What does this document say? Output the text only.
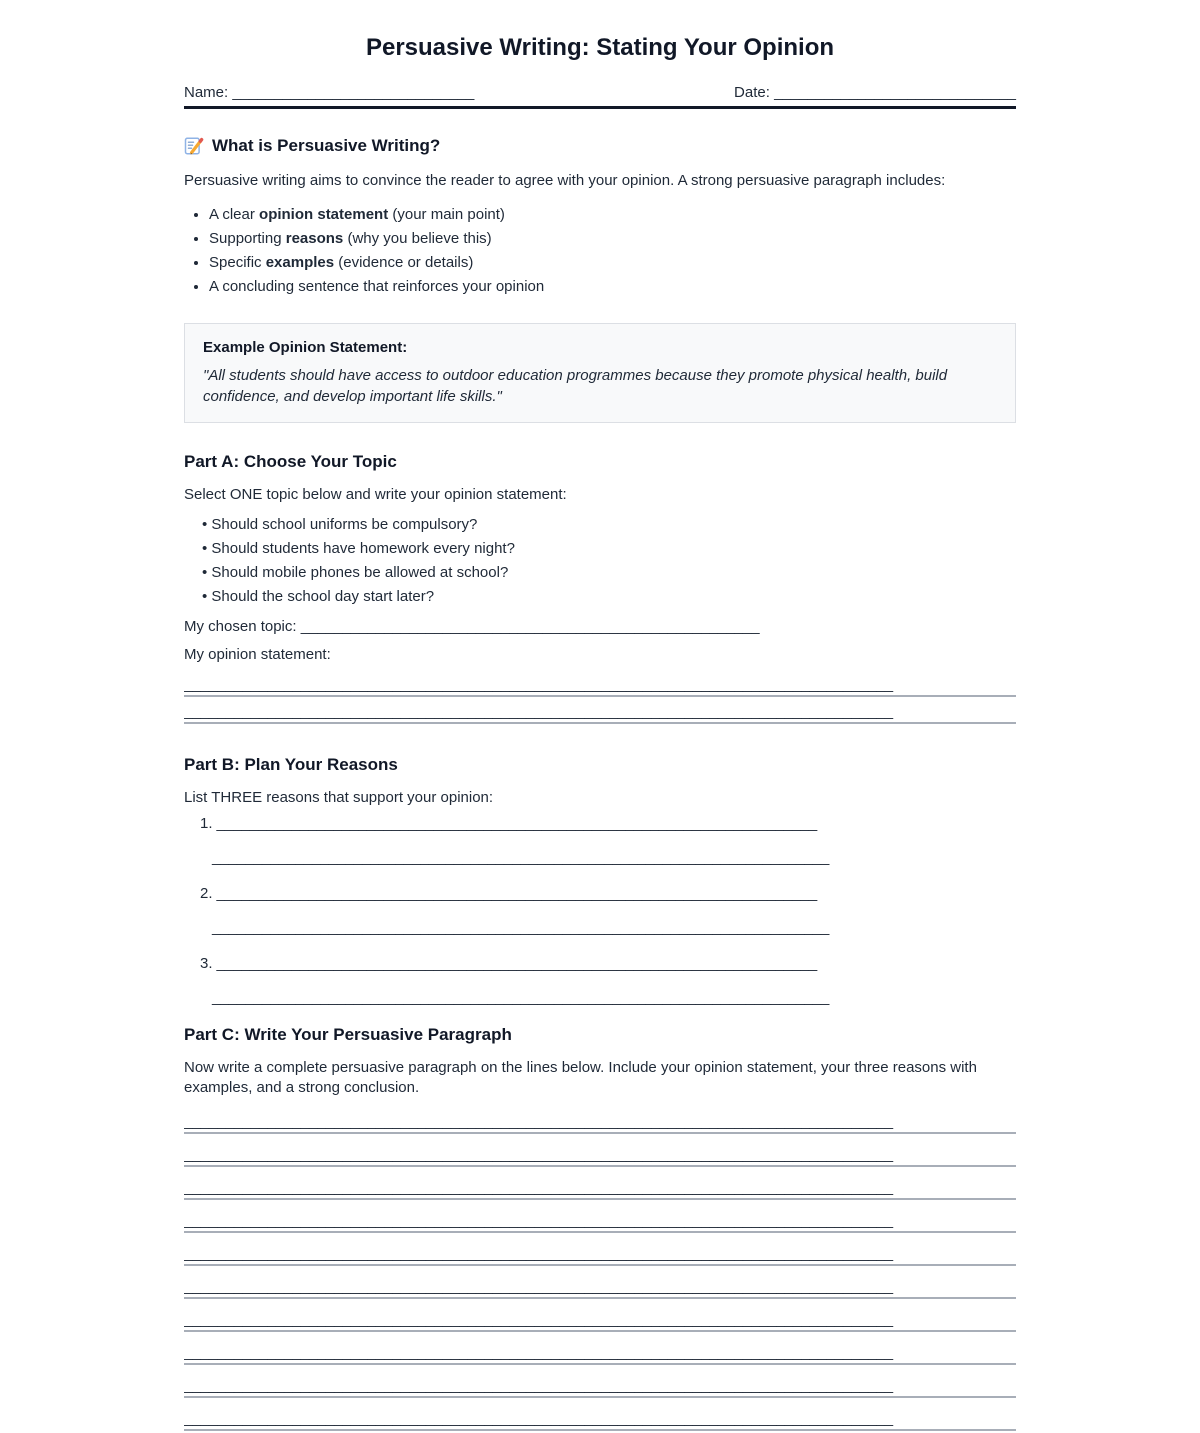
Persuasive Writing: Stating Your Opinion
Name: _____________________________	Date: _____________________________
What is Persuasive Writing?

Persuasive writing aims to convince the reader to agree with your opinion. A strong persuasive paragraph includes:

• A clear opinion statement (your main point)
• Supporting reasons (why you believe this)
• Specific examples (evidence or details)
• A concluding sentence that reinforces your opinion
Example Opinion Statement:

"All students should have access to outdoor education programmes because they promote physical health, build confidence, and develop important life skills."

Part A: Choose Your Topic

Select ONE topic below and write your opinion statement:

• Should school uniforms be compulsory?
• Should students have homework every night?
• Should mobile phones be allowed at school?
• Should the school day start later?

My chosen topic: _______________________________________________________

My opinion statement:

_____________________________________________________________________________________
_____________________________________________________________________________________
Part B: Plan Your Reasons

List THREE reasons that support your opinion:

1. ________________________________________________________________________
__________________________________________________________________________
2. ________________________________________________________________________
__________________________________________________________________________
3. ________________________________________________________________________
__________________________________________________________________________
Part C: Write Your Persuasive Paragraph

Now write a complete persuasive paragraph on the lines below. Include your opinion statement, your three reasons with examples, and a strong conclusion.

_____________________________________________________________________________________
_____________________________________________________________________________________
_____________________________________________________________________________________
_____________________________________________________________________________________
_____________________________________________________________________________________
_____________________________________________________________________________________
_____________________________________________________________________________________
_____________________________________________________________________________________
_____________________________________________________________________________________
_____________________________________________________________________________________
